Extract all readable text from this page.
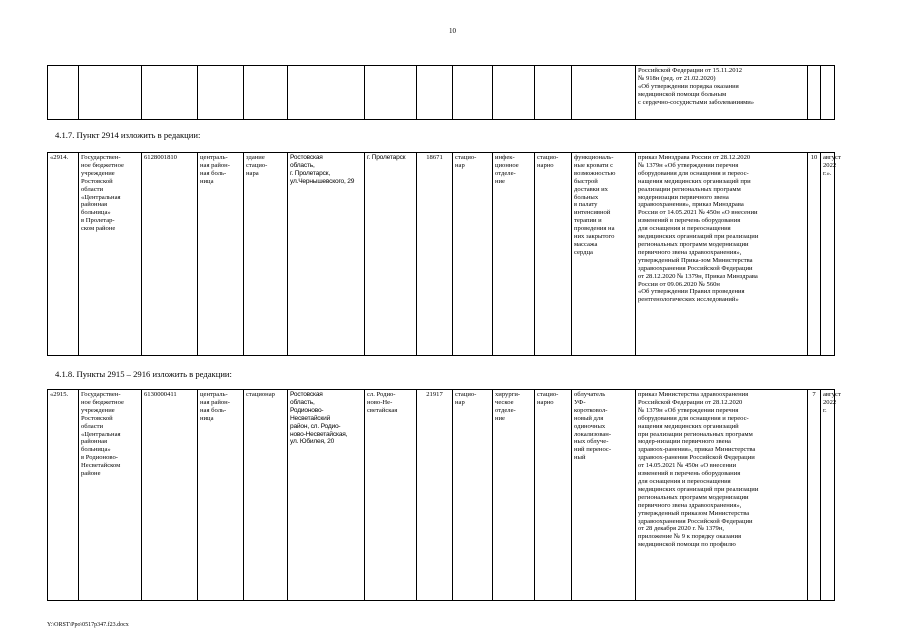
10
												Российской Федерации от 15.11.2012
№ 918н (ред. от 21.02.2020)
«Об утверждении порядка оказания
медицинской помощи больным
с сердечно-сосудистыми заболеваниями»		
4.1.7. Пункт 2914 изложить в редакции:
«2914.	Государствен-
ное бюджетное
учреждение
Ростовской
области
«Центральная
районная
больница»
в Пролетар-
ском районе	6128001810	централь-
ная район-
ная боль-
ница	здание
стацио-
нара	Ростовская
область,
г. Пролетарск,
ул.Чернышевского, 29	г. Пролетарск	18671	стацио-
нар	инфек-
ционное
отделе-
ние	стацио-
нарно	функциональ-
ные кровати с
возможностью
быстрой
доставки их
больных
в палату
интенсивной
терапии и
проведения на
них закрытого
массажа
сердца	приказ Минздрава России от 28.12.2020
№ 1379н «Об утверждении перечня
оборудования для оснащения и переос-
нащения медицинских организаций при
реализации региональных программ
модернизации первичного звена
здравоохранения», приказ Минздрава
России от 14.05.2021 № 450н «О внесении
изменений в перечень оборудования
для оснащения и переоснащения
медицинских организаций при реализации
региональных программ модернизации
первичного звена здравоохранения»,
утвержденный Прика-зом Министерства
здравоохранения Российской Федерации
от 28.12.2020 № 1379н, Приказ Минздрава
России от 09.06.2020 № 560н
«Об утверждении Правил проведения
рентгенологических исследований»	10	август
2022 г.».
4.1.8. Пункты 2915 – 2916 изложить в редакции:
«2915.	Государствен-
ное бюджетное
учреждение
Ростовской
области
«Центральная
районная
больница»
в Родионово-
Несветайском
районе	6130000411	централь-
ная район-
ная боль-
ница	стационар	Ростовская
область,
Родионово-
Несветайский
район, сл. Родио-
ново-Несветайская,
ул. Юбилея, 20	сл. Родио-
ново-Не-
светайская	21917	стацио-
нар	хирурги-
ческое
отделе-
ние	стацио-
нарно	облучатель
УФ-
коротковол-
новый для
одиночных
локализован-
ных облуче-
ний перенос-
ный	приказ Министерства здравоохранения
Российской Федерации от 28.12.2020
№ 1379н «Об утверждении перечня
оборудования для оснащения и переос-
нащения медицинских организаций
при реализации региональных программ
модер-низации первичного звена
здравоох-ранения», приказ Министерства
здравоох-ранения Российской Федерации
от 14.05.2021 № 450н «О внесении
изменений в перечень оборудования
для оснащения и переоснащения
медицинских организаций при реализации
региональных программ модернизации
первичного звена здравоохранения»,
утвержденный приказом Министерства
здравоохранения Российской Федерации
от 28 декабря 2020 г. № 1379н,
приложение № 9 к порядку оказания
медицинской помощи по профилю	7	август
2022 г.
Y:\ORST\Ppo\0517p347.f23.docx
